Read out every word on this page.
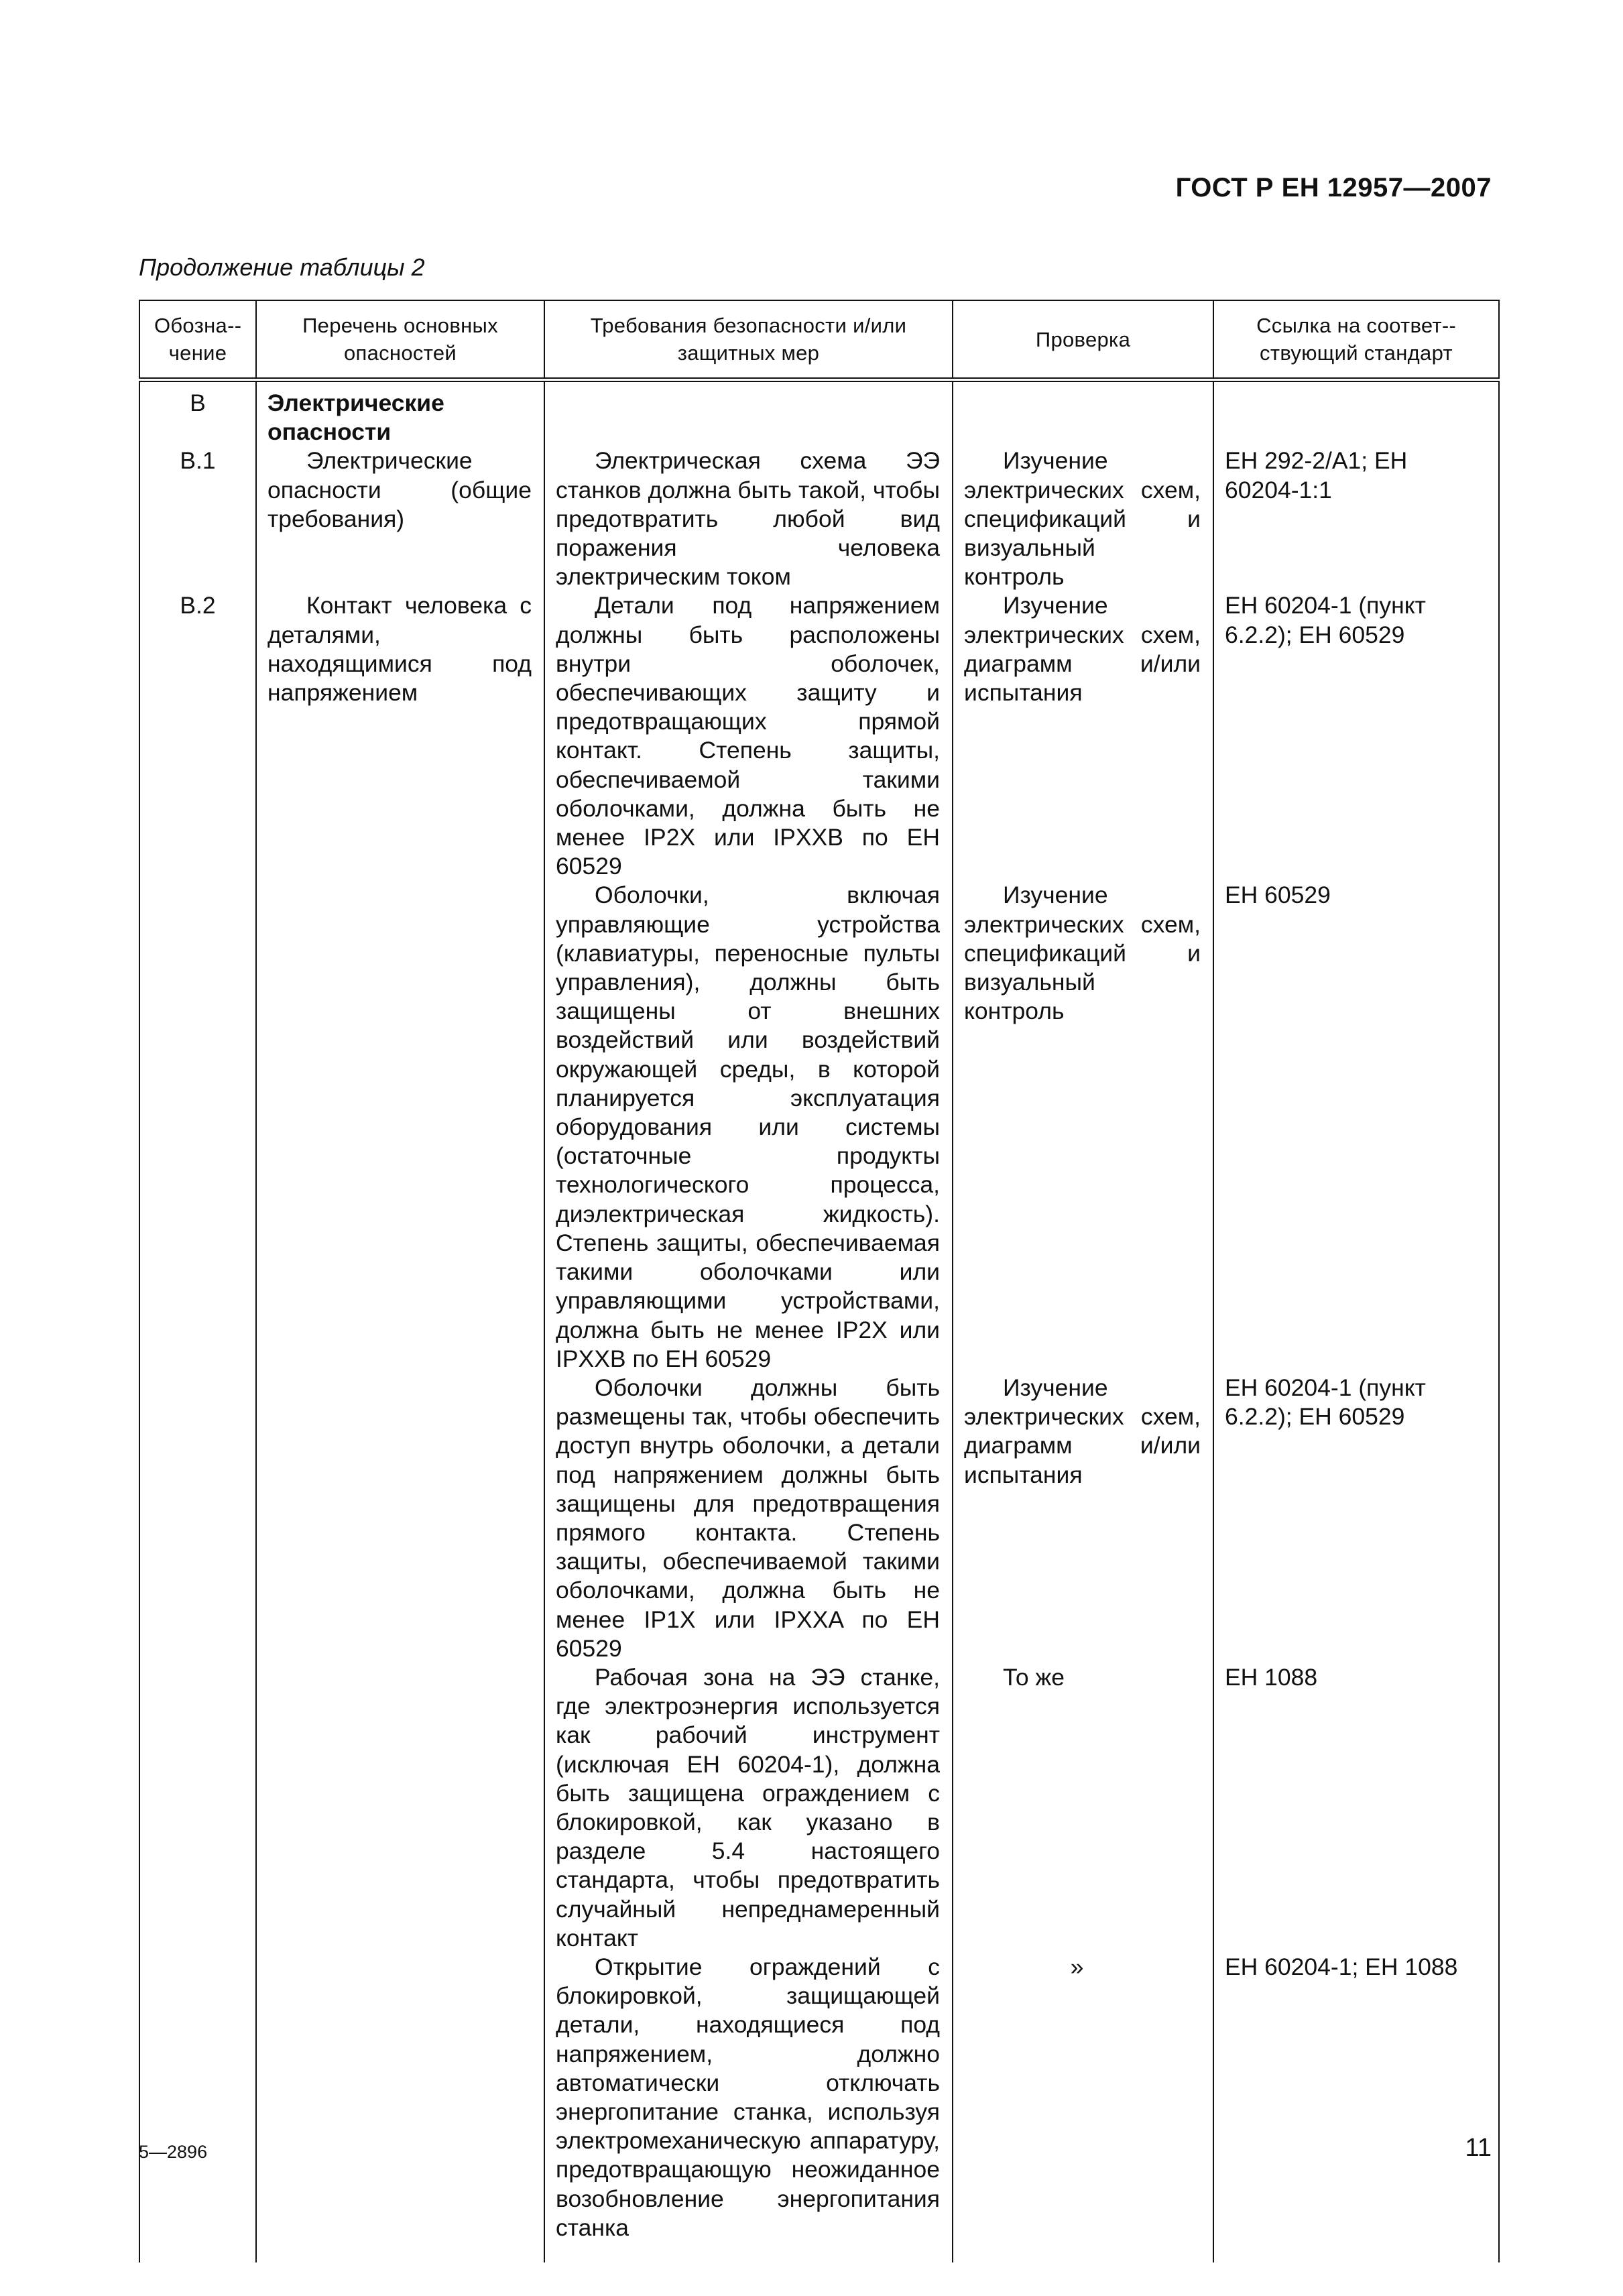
ГОСТ Р ЕН 12957—2007
Продолжение таблицы 2
Обозна-чение	Перечень основных опасностей	Требования безопасности и/или защитных мер	Проверка	Ссылка на соответ-ствующий стандарт
В	Электрические опасности			
В.1	Электрические опасности (общие требования)	Электрическая схема ЭЭ станков должна быть такой, чтобы предотвратить любой вид поражения человека электрическим током	Изучение электрических схем, спецификаций и визуальный контроль	ЕН 292-2/А1; ЕН 60204-1:1
В.2	Контакт человека с деталями, находящимися под напряжением	Детали под напряжением должны быть расположены внутри оболочек, обеспечивающих защиту и предотвращающих прямой контакт. Степень защиты, обеспечиваемой такими оболочками, должна быть не менее IP2X или IPXXB по ЕН 60529	Изучение электрических схем, диаграмм и/или испытания	ЕН 60204-1 (пункт 6.2.2); ЕН 60529
		Оболочки, включая управляющие устройства (клавиатуры, переносные пульты управления), должны быть защищены от внешних воздействий или воздействий окружающей среды, в которой планируется эксплуатация оборудования или системы (остаточные продукты технологического процесса, диэлектрическая жидкость). Степень защиты, обеспечиваемая такими оболочками или управляющими устройствами, должна быть не менее IP2X или IPXXB по ЕН 60529	Изучение электрических схем, спецификаций и визуальный контроль	ЕН 60529
		Оболочки должны быть размещены так, чтобы обеспечить доступ внутрь оболочки, а детали под напряжением должны быть защищены для предотвращения прямого контакта. Степень защиты, обеспечиваемой такими оболочками, должна быть не менее IP1X или IPXXA по ЕН 60529	Изучение электрических схем, диаграмм и/или испытания	ЕН 60204-1 (пункт 6.2.2); ЕН 60529
		Рабочая зона на ЭЭ станке, где электроэнергия используется как рабочий инструмент (исключая ЕН 60204-1), должна быть защищена ограждением с блокировкой, как указано в разделе 5.4 настоящего стандарта, чтобы предотвратить случайный непреднамеренный контакт	То же	ЕН 1088
		Открытие ограждений с блокировкой, защищающей детали, находящиеся под напряжением, должно автоматически отключать энергопитание станка, используя электромеханическую аппаратуру, предотвращающую неожиданное возобновление энергопитания станка	»	ЕН 60204-1; ЕН 1088

5—2896	11
